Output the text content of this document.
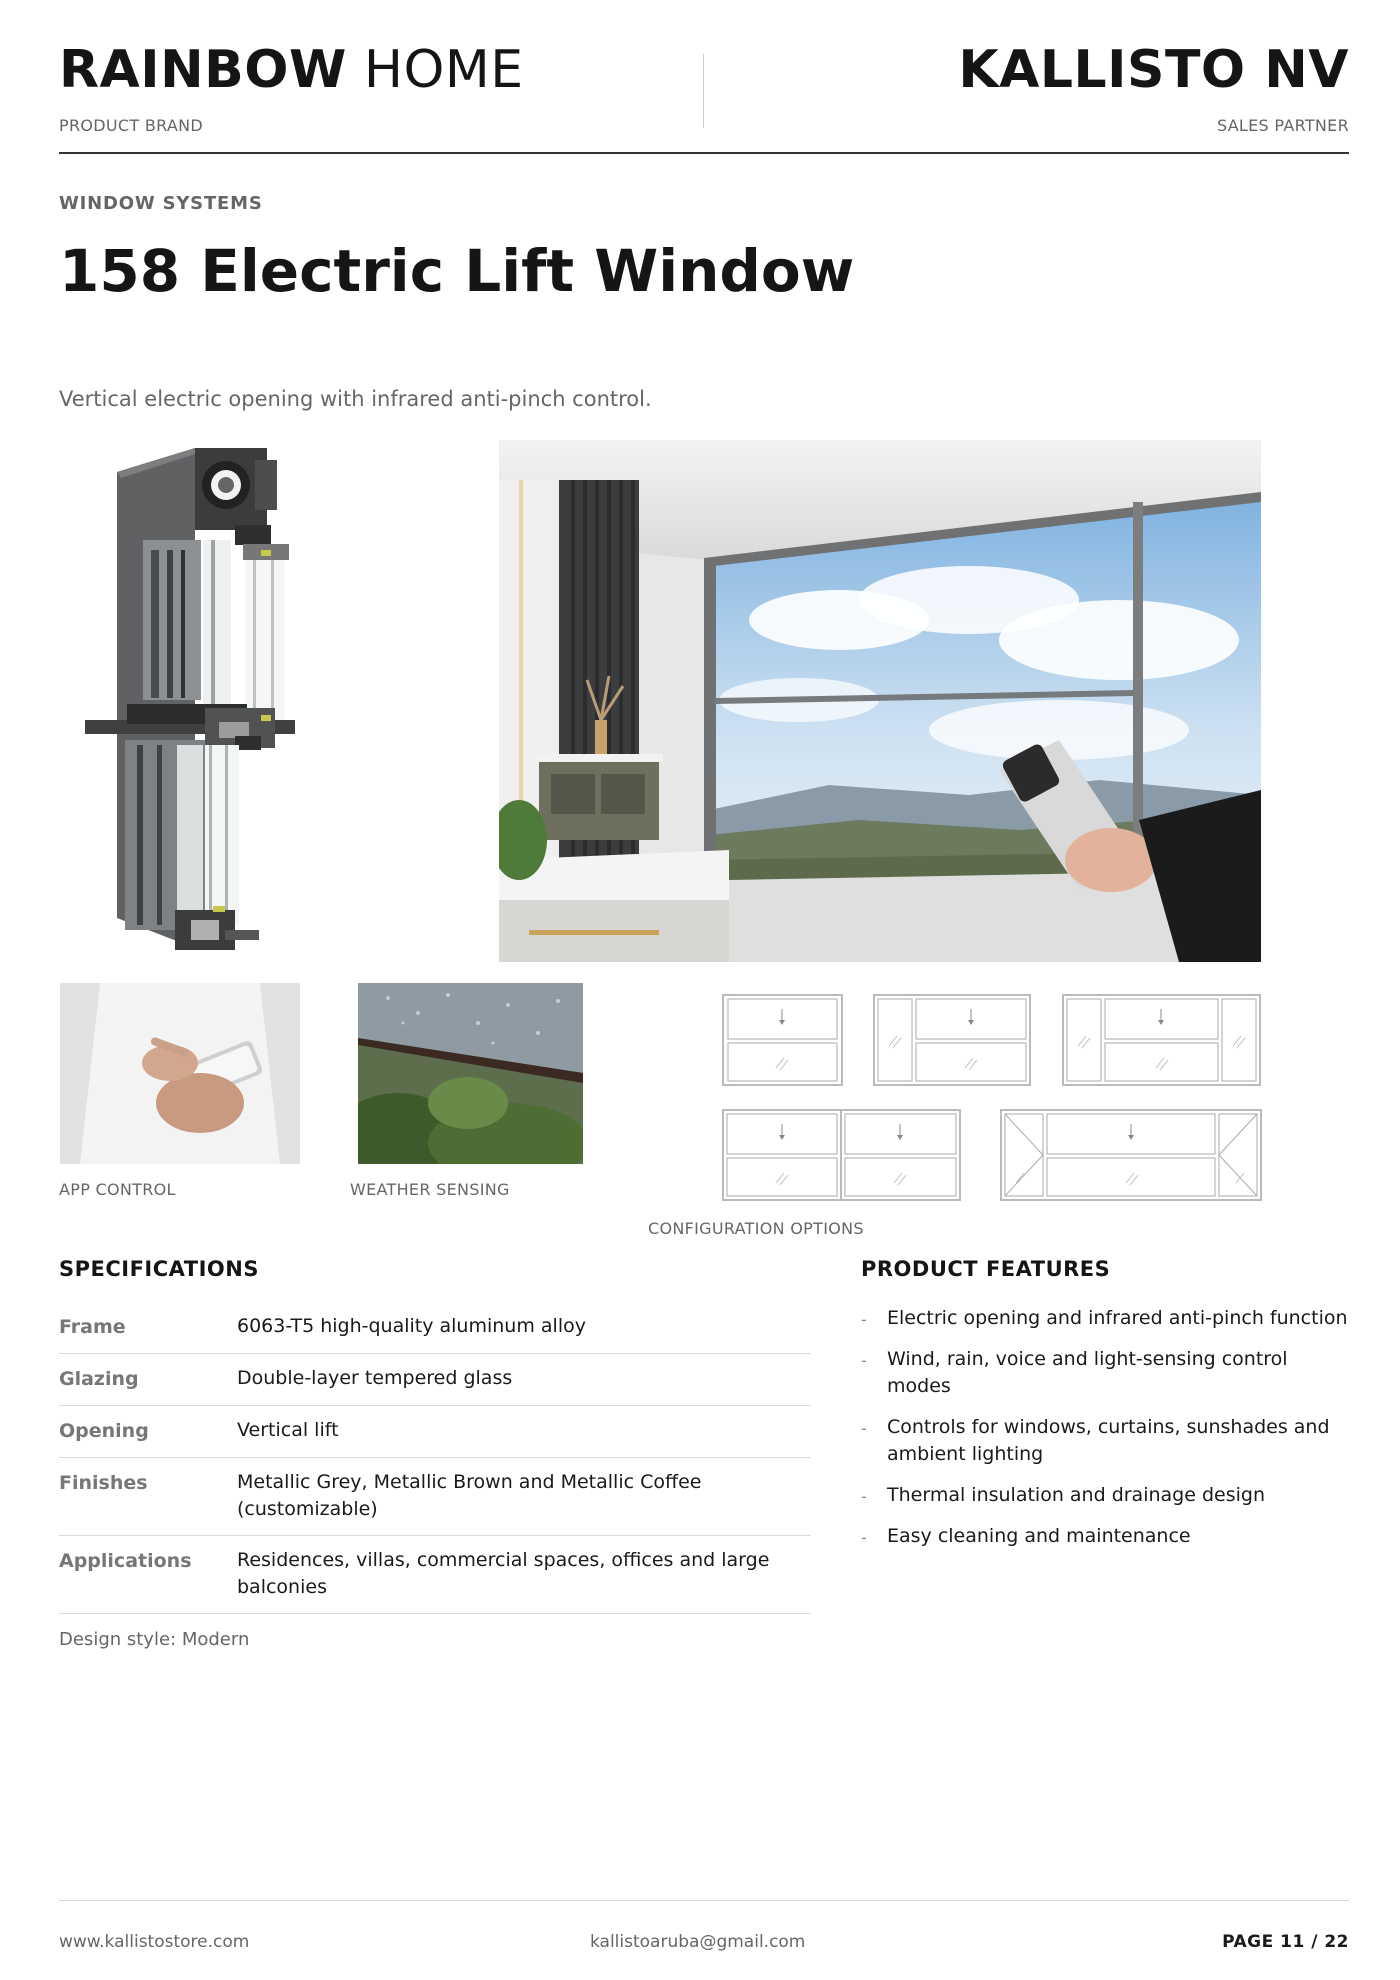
RAINBOW HOME
PRODUCT BRAND
KALLISTO NV
SALES PARTNER
WINDOW SYSTEMS
158 Electric Lift Window
Vertical electric opening with infrared anti-pinch control.
APP CONTROL	WEATHER SENSING
CONFIGURATION OPTIONS
SPECIFICATIONS
Frame	6063-T5 high-quality aluminum alloy
Glazing	Double-layer tempered glass
Opening	Vertical lift
Finishes	Metallic Grey, Metallic Brown and Metallic Coffee (customizable)
Applications	Residences, villas, commercial spaces, offices and large balconies
Design style: Modern
PRODUCT FEATURES
- Electric opening and infrared anti-pinch function
- Wind, rain, voice and light-sensing control modes
- Controls for windows, curtains, sunshades and ambient lighting
- Thermal insulation and drainage design
- Easy cleaning and maintenance
www.kallistostore.com	kallistoaruba@gmail.com	PAGE 11 / 22
